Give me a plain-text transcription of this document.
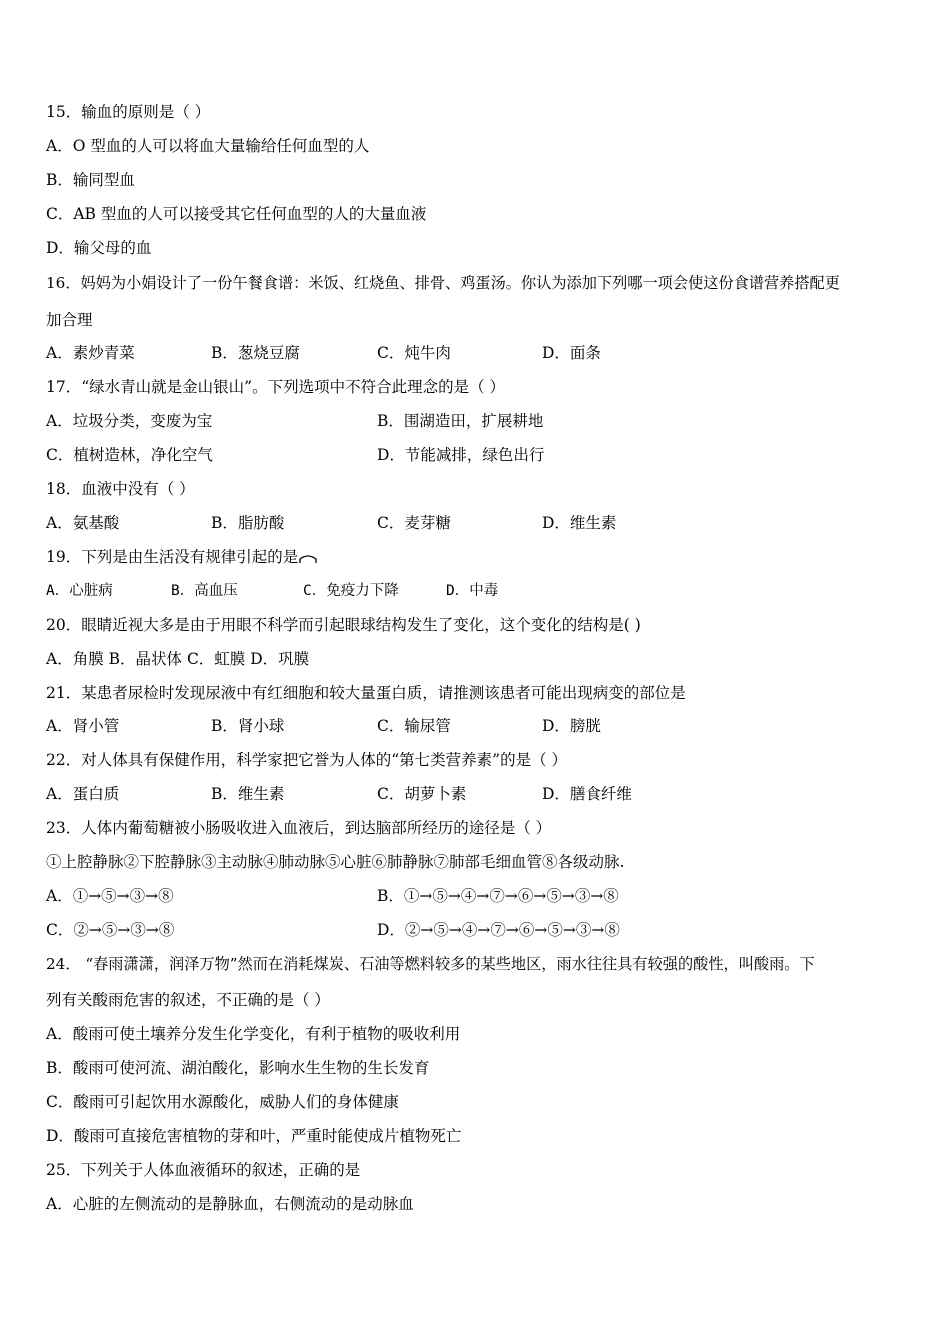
15．输血的原则是（ ）
A．O 型血的人可以将血大量输给任何血型的人
B．输同型血
C．AB 型血的人可以接受其它任何血型的人的大量血液
D．输父母的血
16．妈妈为小娟设计了一份午餐食谱：米饭、红烧鱼、排骨、鸡蛋汤。你认为添加下列哪一项会使这份食谱营养搭配更
加合理
A．素炒青菜	B．葱烧豆腐	C．炖牛肉	D．面条
17．“绿水青山就是金山银山”。下列选项中不符合此理念的是（ ）
A．垃圾分类，变废为宝	B．围湖造田，扩展耕地
C．植树造林，净化空气	D．节能减排，绿色出行
18．血液中没有（ ）
A．氨基酸	B．脂肪酸	C．麦芽糖	D．维生素
19．下列是由生活没有规律引起的是
A．心脏病	B．高血压	C．免疫力下降	D．中毒
20．眼睛近视大多是由于用眼不科学而引起眼球结构发生了变化，这个变化的结构是( )
A．角膜 B．晶状体 C．虹膜 D．巩膜
21．某患者尿检时发现尿液中有红细胞和较大量蛋白质，请推测该患者可能出现病变的部位是
A．肾小管	B．肾小球	C．输尿管	D．膀胱
22．对人体具有保健作用，科学家把它誉为人体的“第七类营养素”的是（ ）
A．蛋白质	B．维生素	C．胡萝卜素	D．膳食纤维
23．人体内葡萄糖被小肠吸收进入血液后，到达脑部所经历的途径是（ ）
①上腔静脉②下腔静脉③主动脉④肺动脉⑤心脏⑥肺静脉⑦肺部毛细血管⑧各级动脉.
A．①→⑤→③→⑧	B．①→⑤→④→⑦→⑥→⑤→③→⑧
C．②→⑤→③→⑧	D．②→⑤→④→⑦→⑥→⑤→③→⑧
24． “春雨潇潇，润泽万物”然而在消耗煤炭、石油等燃料较多的某些地区，雨水往往具有较强的酸性，叫酸雨。下
列有关酸雨危害的叙述，不正确的是（ ）
A．酸雨可使土壤养分发生化学变化，有利于植物的吸收利用
B．酸雨可使河流、湖泊酸化，影响水生生物的生长发育
C．酸雨可引起饮用水源酸化，威胁人们的身体健康
D．酸雨可直接危害植物的芽和叶，严重时能使成片植物死亡
25．下列关于人体血液循环的叙述，正确的是
A．心脏的左侧流动的是静脉血，右侧流动的是动脉血
